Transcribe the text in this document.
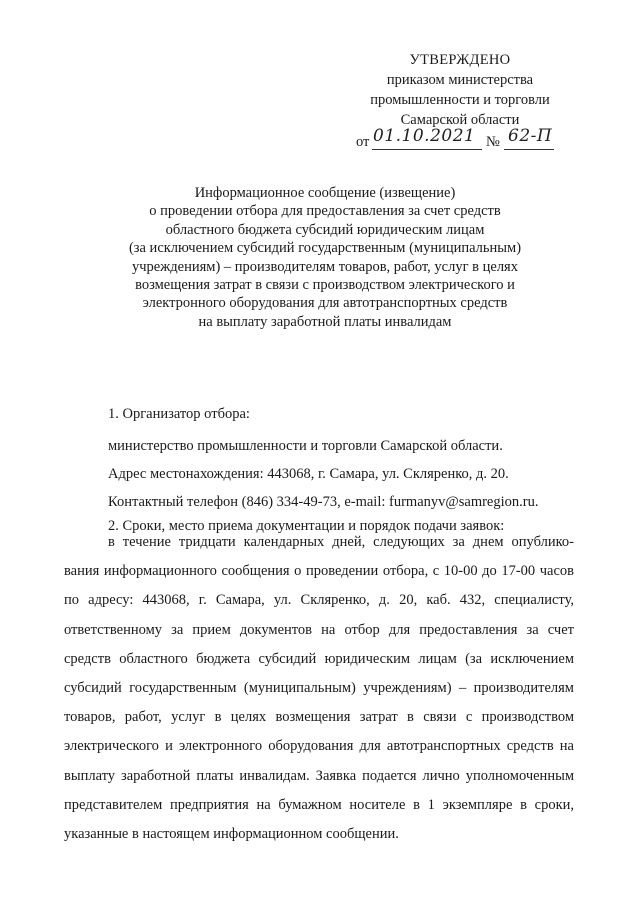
УТВЕРЖДЕНО
приказом министерства
промышленности и торговли
Самарской области
от 01.10.2021 № 62-П
Информационное сообщение (извещение)
о проведении отбора для предоставления за счет средств
областного бюджета субсидий юридическим лицам
(за исключением субсидий государственным (муниципальным)
учреждениям) – производителям товаров, работ, услуг в целях
возмещения затрат в связи с производством электрического и
электронного оборудования для автотранспортных средств
на выплату заработной платы инвалидам

1. Организатор отбора:

министерство промышленности и торговли Самарской области.

Адрес местонахождения: 443068, г. Самара, ул. Скляренко, д. 20.

Контактный телефон (846) 334-49-73, e-mail: furmanyv@samregion.ru.

2. Сроки, место приема документации и порядок подачи заявок:

в течение тридцати календарных дней, следующих за днем опублико-вания информационного сообщения о проведении отбора, с 10-00 до 17-00 часов по адресу: 443068, г. Самара, ул. Скляренко, д. 20, каб. 432, специалисту, ответственному за прием документов на отбор для предоставления за счет средств областного бюджета субсидий юридическим лицам (за исключением субсидий государственным (муниципальным) учреждениям) – производителям товаров, работ, услуг в целях возмещения затрат в связи с производством электрического и электронного оборудования для автотранспортных средств на выплату заработной платы инвалидам. Заявка подается лично уполномоченным представителем предприятия на бумажном носителе в 1 экземпляре в сроки, указанные в настоящем информационном сообщении.
